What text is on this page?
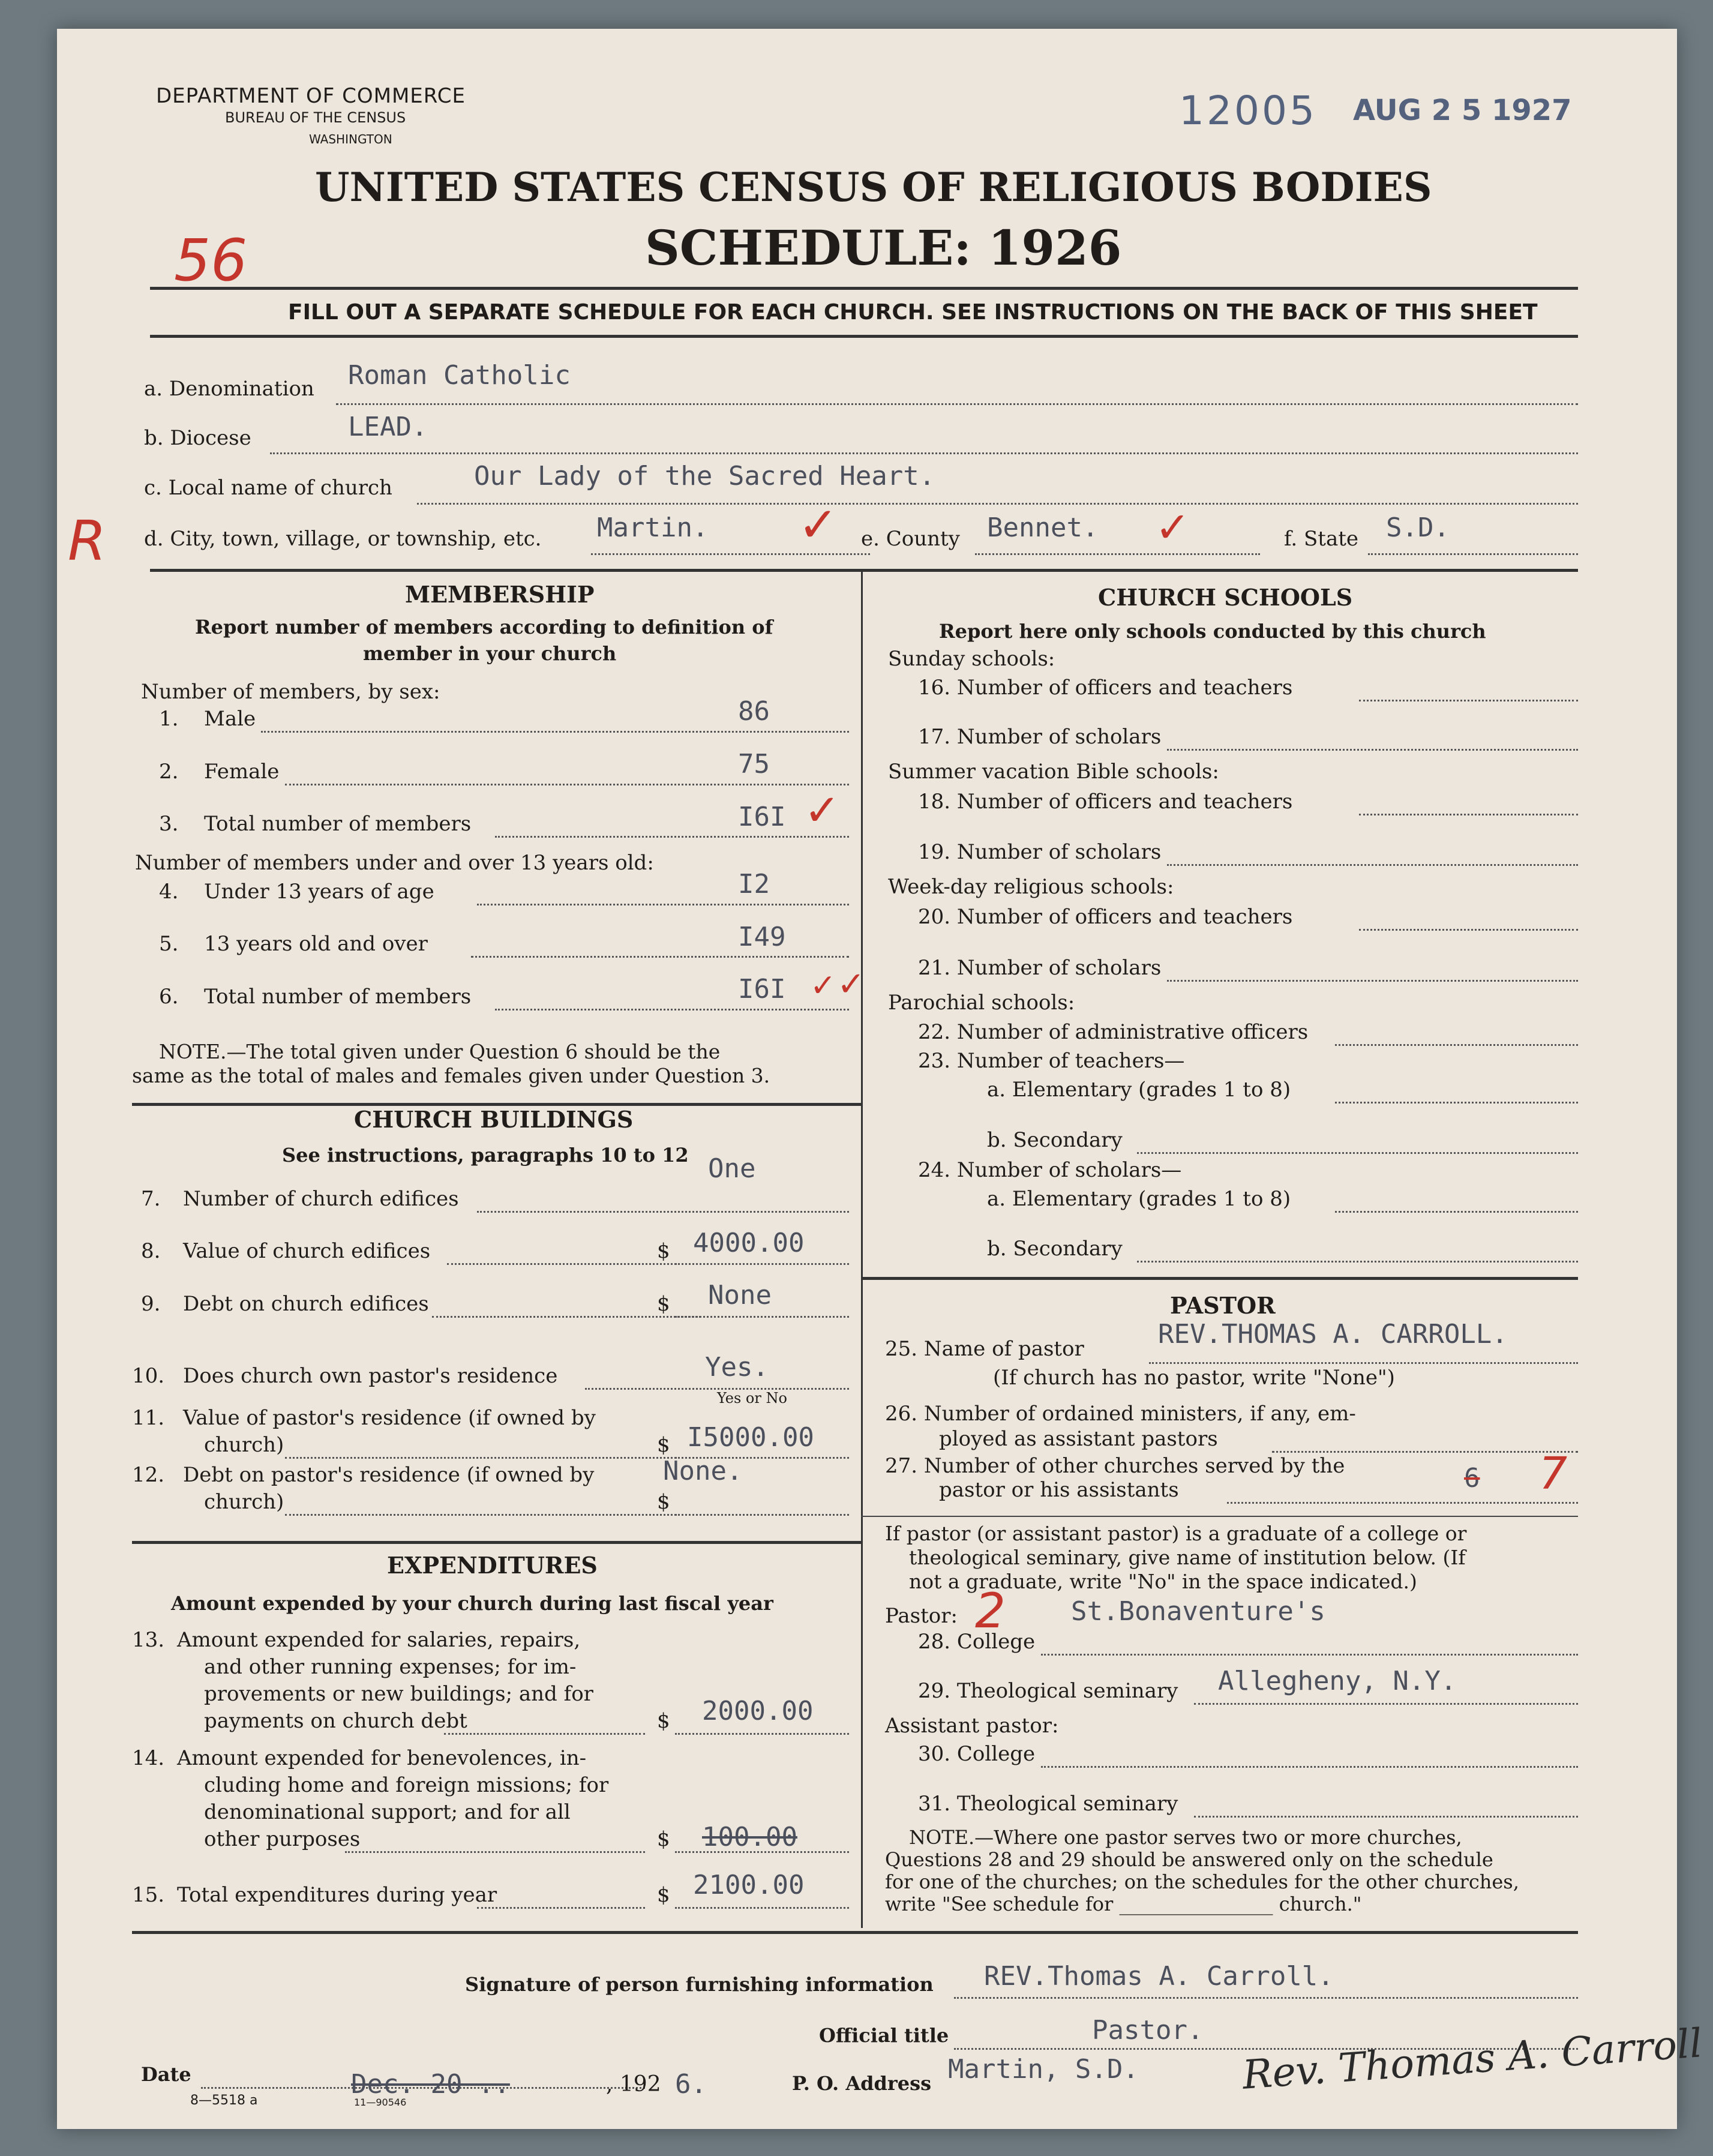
DEPARTMENT OF COMMERCE
BUREAU OF THE CENSUS
WASHINGTON
12005 AUG 2 5 1927
UNITED STATES CENSUS OF RELIGIOUS BODIES
SCHEDULE: 1926
56
FILL OUT A SEPARATE SCHEDULE FOR EACH CHURCH. SEE INSTRUCTIONS ON THE BACK OF THIS SHEET
a. Denomination Roman Catholic
b. Diocese	LEAD.
c. Local name of church	Our Lady of the Sacred Heart.
R d. City, town, village, or township, etc. Martin. ✓ e. County Bennet. ✓	f. State S.D.
MEMBERSHIP
Report number of members according to definition of
member in your church
Number of members, by sex:
1. Male	86
2. Female	75
3. Total number of members	I6I ✓
Number of members under and over 13 years old:
4. Under 13 years of age	I2
5. 13 years old and over	I49
6. Total number of members	I6I ✓ ✓
NOTE.—The total given under Question 6 should be the
same as the total of males and females given under Question 3.
CHURCH BUILDINGS
See instructions, paragraphs 10 to 12
7. Number of church edifices
One
8. Value of church edifices	$ 4000.00
9. Debt on church edifices	$ None
10. Does church own pastor's residence	Yes.
Yes or No
11. Value of pastor's residence (if owned by
church)	$ I5000.00
12. Debt on pastor's residence (if owned by
church)	$
None.
EXPENDITURES
Amount expended by your church during last fiscal year
13. Amount expended for salaries, repairs,
and other running expenses; for im-
provements or new buildings; and for
payments on church debt	$ 2000.00
14. Amount expended for benevolences, in-
cluding home and foreign missions; for
denominational support; and for all
other purposes	$ 100.00
15. Total expenditures during year	$ 2100.00
CHURCH SCHOOLS
Report here only schools conducted by this church
Sunday schools:
16. Number of officers and teachers
17. Number of scholars
Summer vacation Bible schools:
18. Number of officers and teachers
19. Number of scholars
Week-day religious schools:
20. Number of officers and teachers
21. Number of scholars
Parochial schools:
22. Number of administrative officers
23. Number of teachers—
a. Elementary (grades 1 to 8)
b. Secondary
24. Number of scholars—
a. Elementary (grades 1 to 8)
b. Secondary
PASTOR
25. Name of pastor	REV.THOMAS A. CARROLL.
(If church has no pastor, write "None")
26. Number of ordained ministers, if any, em-
ployed as assistant pastors
27. Number of other churches served by the
pastor or his assistants	6 7
If pastor (or assistant pastor) is a graduate of a college or
theological seminary, give name of institution below. (If
not a graduate, write "No" in the space indicated.)
Pastor: 2 St.Bonaventure's
28. College
29. Theological seminary Allegheny, N.Y.
Assistant pastor:
30. College
31. Theological seminary
NOTE.—Where one pastor serves two or more churches,
Questions 28 and 29 should be answered only on the schedule
for one of the churches; on the schedules for the other churches,
write "See schedule for ________________ church."
Signature of person furnishing information REV.Thomas A. Carroll.
Official title	Pastor.
P. O. Address Martin, S.D.	Rev. Thomas A. Carroll
Date	Dec. 20 ..	, 192 6.
8—5518 a	11—90546
